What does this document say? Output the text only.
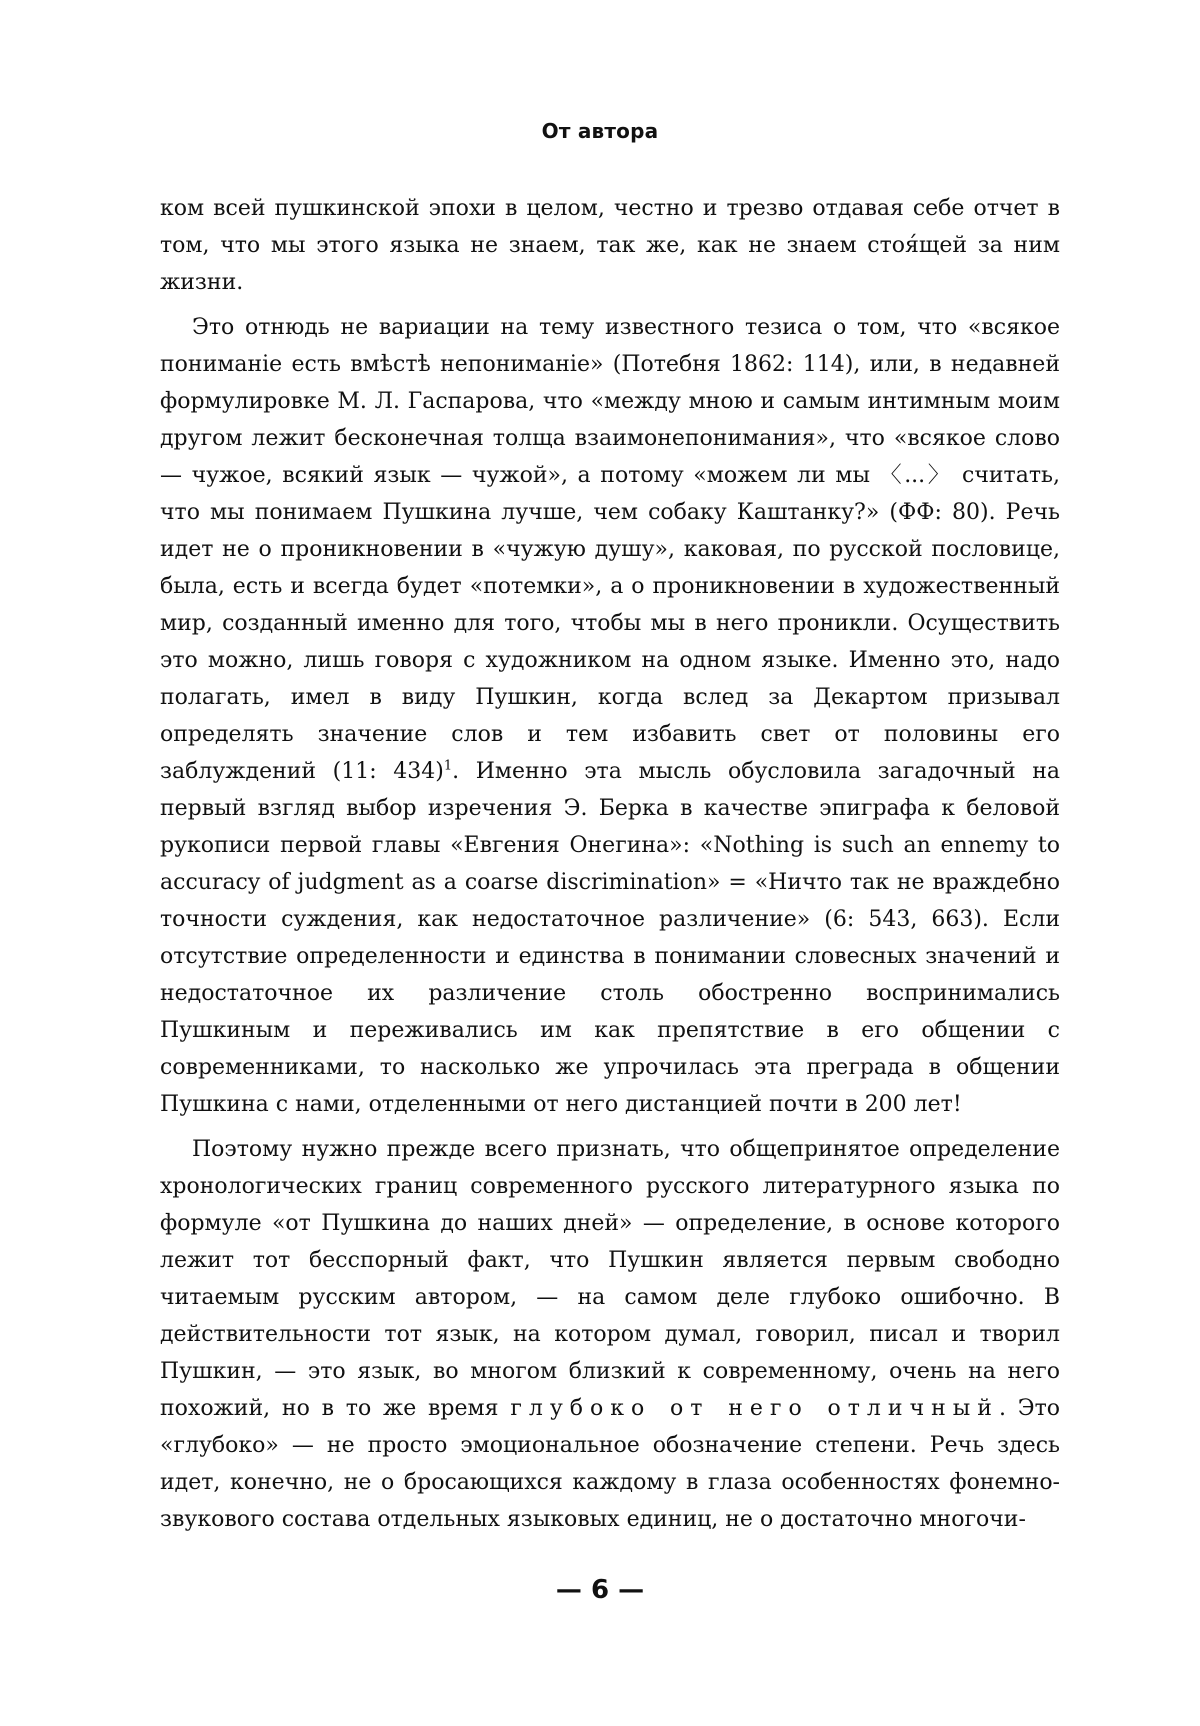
От автора

ком всей пушкинской эпохи в целом, честно и трезво отдавая себе отчет в том, что мы этого языка не знаем, так же, как не знаем стоя́щей за ним жизни.

Это отнюдь не вариации на тему известного тезиса о том, что «всякое пониманіе есть вмѣстѣ непониманіе» (Потебня 1862: 114), или, в недавней формулировке М. Л. Гаспарова, что «между мною и самым интимным моим другом лежит бесконечная толща взаимонепонимания», что «всякое слово — чужое, всякий язык — чужой», а потому «можем ли мы 〈...〉 считать, что мы понимаем Пушкина лучше, чем собаку Каштанку?» (ФФ: 80). Речь идет не о проникновении в «чужую душу», каковая, по русской пословице, была, есть и всегда будет «потемки», а о проникновении в художественный мир, созданный именно для того, чтобы мы в него проникли. Осуществить это можно, лишь говоря с художником на одном языке. Именно это, надо полагать, имел в виду Пушкин, когда вслед за Декартом призывал определять значение слов и тем избавить свет от половины его заблуждений (11: 434)$^1$. Именно эта мысль обусловила загадочный на первый взгляд выбор изречения Э. Берка в качестве эпиграфа к беловой рукописи первой главы «Евгения Онегина»: «Nothing is such an ennemy to accuracy of judgment as a coarse discrimination» = «Ничто так не враждебно точности суждения, как недостаточное различение» (6: 543, 663). Если отсутствие определенности и единства в понимании словесных значений и недостаточное их различение столь обостренно воспринимались Пушкиным и переживались им как препятствие в его общении с современниками, то насколько же упрочилась эта преграда в общении Пушкина с нами, отделенными от него дистанцией почти в 200 лет!

Поэтому нужно прежде всего признать, что общепринятое определение хронологических границ современного русского литературного языка по формуле «от Пушкина до наших дней» — определение, в основе которого лежит тот бесспорный факт, что Пушкин является первым свободно читаемым русским автором, — на самом деле глубоко ошибочно. В действительности тот язык, на котором думал, говорил, писал и творил Пушкин, — это язык, во многом близкий к современному, очень на него похожий, но в то же время глубоко от него отличный. Это «глубоко» — не просто эмоциональное обозначение степени. Речь здесь идет, конечно, не о бросающихся каждому в глаза особенностях фонемно-звукового состава отдельных языковых единиц, не о достаточно многочи-

— 6 —
